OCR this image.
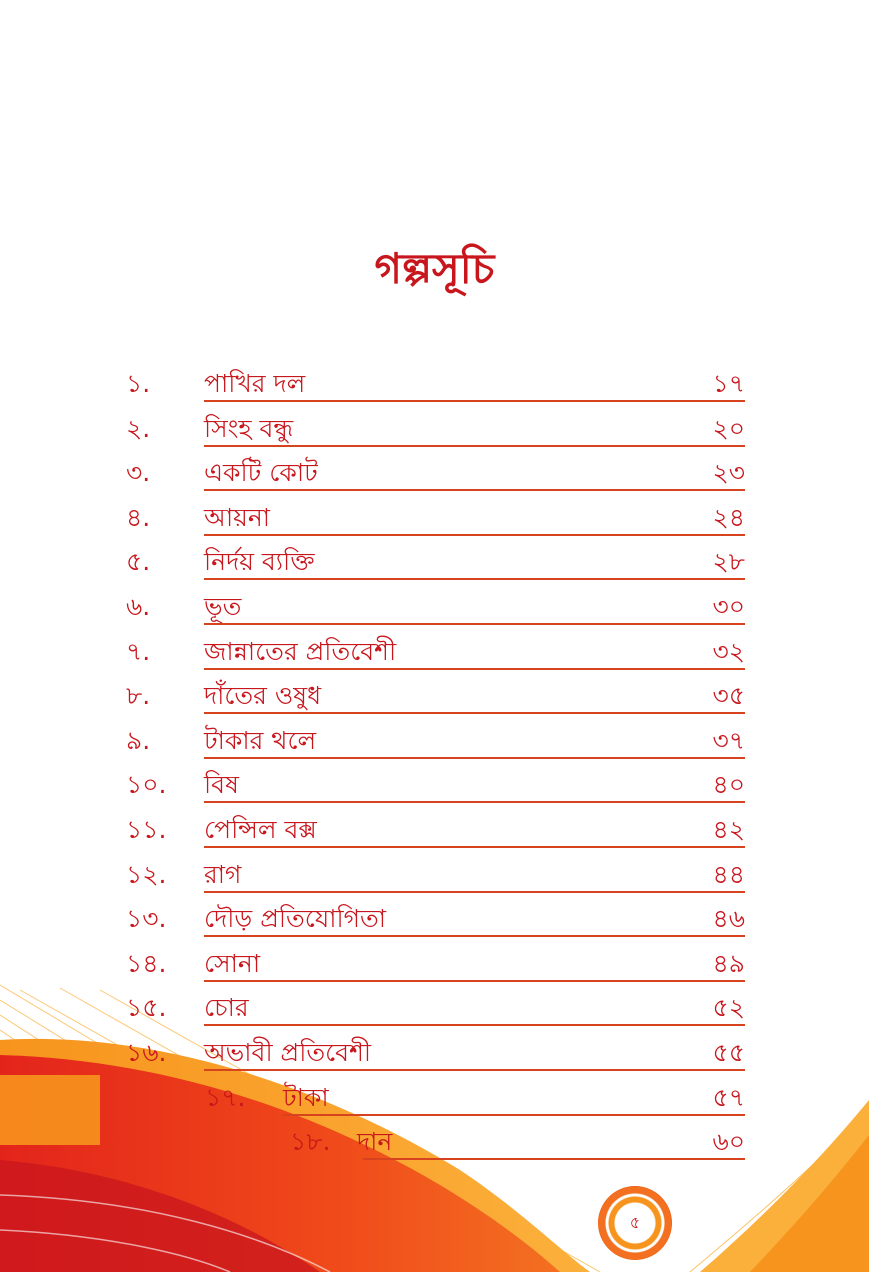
গল্পসূচি
১. পাখির দল	১৭
২. সিংহ বন্ধু	২০
৩. একটি কোট	২৩
৪. আয়না	২৪
৫. নির্দয় ব্যক্তি	২৮
৬. ভূত	৩০
৭. জান্নাতের প্রতিবেশী	৩২
৮. দাঁতের ওষুধ	৩৫
৯. টাকার থলে	৩৭
১০. বিষ	৪০
১১. পেন্সিল বক্স	৪২
১২. রাগ	৪৪
১৩. দৌড় প্রতিযোগিতা	৪৬
১৪. সোনা	৪৯
১৫. চোর	৫২
১৬. অভাবী প্রতিবেশী	৫৫
১৭. টাকা	৫৭
১৮. দান	৬০
৫
